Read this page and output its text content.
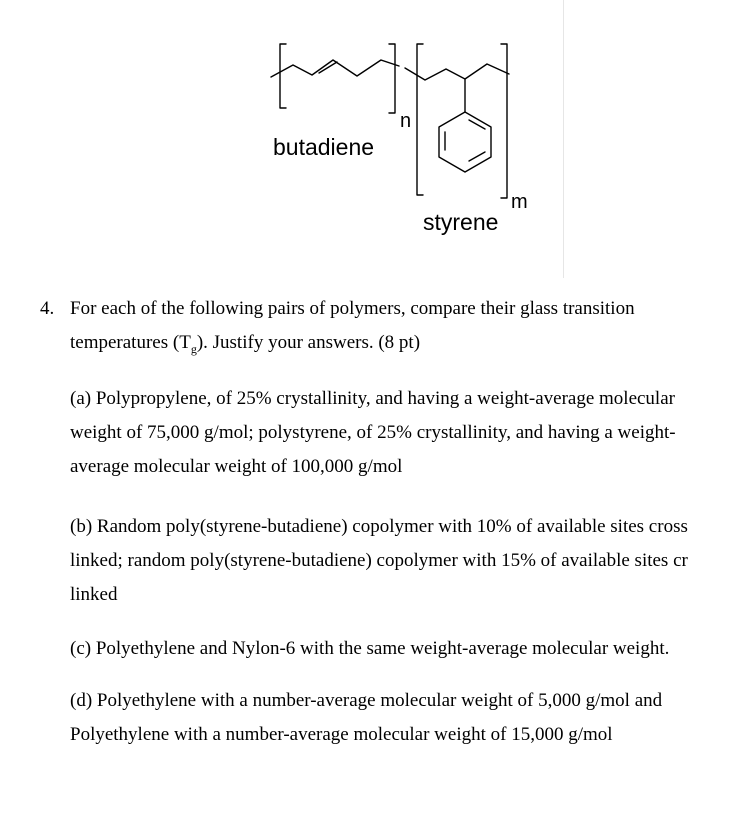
n
butadiene
m
styrene
4. For each of the following pairs of polymers, compare their glass transition temperatures $(T_g)$. Justify your answers. (8 pt)
(a) Polypropylene, of 25% crystallinity, and having a weight-average molecular
weight of 75,000 g/mol; polystyrene, of 25% crystallinity, and having a weight-
average molecular weight of 100,000 g/mol
(b) Random poly(styrene-butadiene) copolymer with 10% of available sites cross
linked; random poly(styrene-butadiene) copolymer with 15% of available sites cr
linked
(c) Polyethylene and Nylon-6 with the same weight-average molecular weight.
(d) Polyethylene with a number-average molecular weight of 5,000 g/mol and
Polyethylene with a number-average molecular weight of 15,000 g/mol
